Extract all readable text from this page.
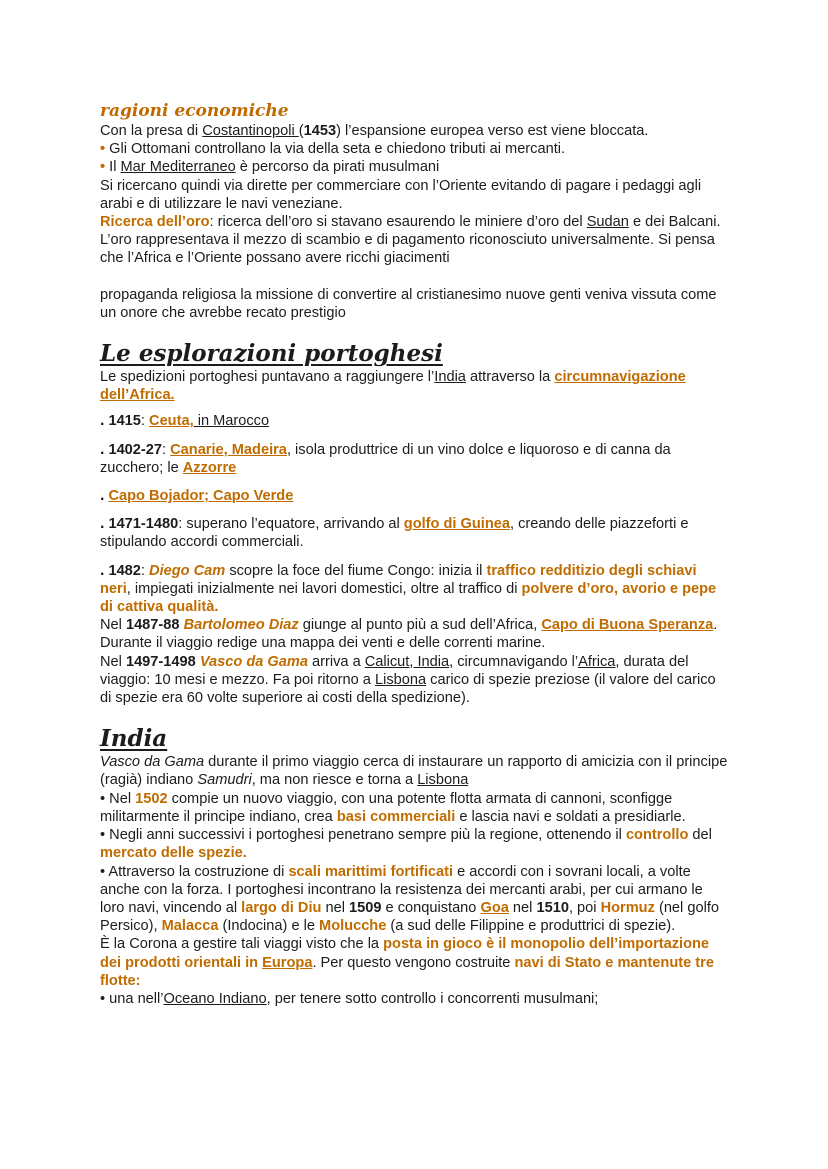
ragioni economiche

Con la presa di Costantinopoli (1453) l’espansione europea verso est viene bloccata.

• Gli Ottomani controllano la via della seta e chiedono tributi ai mercanti.

• Il Mar Mediterraneo è percorso da pirati musulmani

Si ricercano quindi via dirette per commerciare con l’Oriente evitando di pagare i pedaggi agli arabi e di utilizzare le navi veneziane.

Ricerca dell’oro: ricerca dell’oro si stavano esaurendo le miniere d’oro del Sudan e dei Balcani. L’oro rappresentava il mezzo di scambio e di pagamento riconosciuto universalmente. Si pensa che l’Africa e l’Oriente possano avere ricchi giacimenti

propaganda religiosa la missione di convertire al cristianesimo nuove genti veniva vissuta come un onore che avrebbe recato prestigio

Le esplorazioni portoghesi

Le spedizioni portoghesi puntavano a raggiungere l’India attraverso la circumnavigazione dell’Africa.

. 1415: Ceuta, in Marocco

. 1402-27: Canarie, Madeira, isola produttrice di un vino dolce e liquoroso e di canna da zucchero; le Azzorre

. Capo Bojador; Capo Verde

. 1471-1480: superano l’equatore, arrivando al golfo di Guinea, creando delle piazzeforti e stipulando accordi commerciali.

. 1482: Diego Cam scopre la foce del fiume Congo: inizia il traffico redditizio degli schiavi neri, impiegati inizialmente nei lavori domestici, oltre al traffico di polvere d’oro, avorio e pepe di cattiva qualità.

Nel 1487-88 Bartolomeo Diaz giunge al punto più a sud dell’Africa, Capo di Buona Speranza.

Durante il viaggio redige una mappa dei venti e delle correnti marine.

Nel 1497-1498 Vasco da Gama arriva a Calicut, India, circumnavigando l’Africa, durata del viaggio: 10 mesi e mezzo. Fa poi ritorno a Lisbona carico di spezie preziose (il valore del carico di spezie era 60 volte superiore ai costi della spedizione).

India

Vasco da Gama durante il primo viaggio cerca di instaurare un rapporto di amicizia con il principe (ragià) indiano Samudri, ma non riesce e torna a Lisbona

• Nel 1502 compie un nuovo viaggio, con una potente flotta armata di cannoni, sconfigge militarmente il principe indiano, crea basi commerciali e lascia navi e soldati a presidiarle.

• Negli anni successivi i portoghesi penetrano sempre più la regione, ottenendo il controllo del mercato delle spezie.

• Attraverso la costruzione di scali marittimi fortificati e accordi con i sovrani locali, a volte anche con la forza. I portoghesi incontrano la resistenza dei mercanti arabi, per cui armano le loro navi, vincendo al largo di Diu nel 1509 e conquistano Goa nel 1510, poi Hormuz (nel golfo Persico), Malacca (Indocina) e le Molucche (a sud delle Filippine e produttrici di spezie).

È la Corona a gestire tali viaggi visto che la posta in gioco è il monopolio dell’importazione dei prodotti orientali in Europa. Per questo vengono costruite navi di Stato e mantenute tre flotte:

• una nell’Oceano Indiano, per tenere sotto controllo i concorrenti musulmani;
